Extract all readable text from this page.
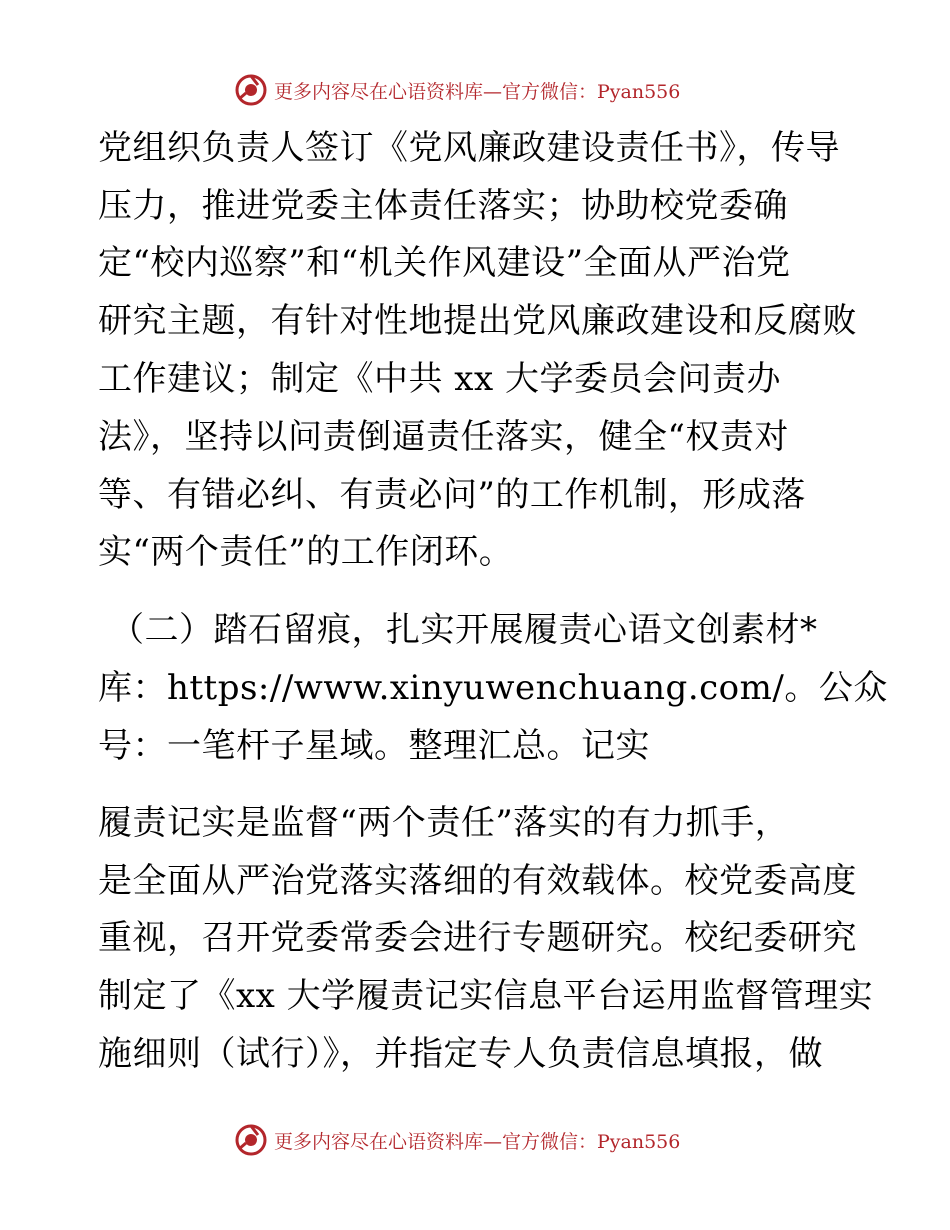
更多内容尽在心语资料库—官方微信：Pyan556
党组织负责人签订《党风廉政建设责任书》，传导
压力，推进党委主体责任落实；协助校党委确
定“校内巡察”和“机关作风建设”全面从严治党
研究主题，有针对性地提出党风廉政建设和反腐败
工作建议；制定《中共 xx 大学委员会问责办
法》，坚持以问责倒逼责任落实，健全“权责对
等、有错必纠、有责必问”的工作机制，形成落
实“两个责任”的工作闭环。
（二）踏石留痕，扎实开展履责心语文创素材*
库：https://www.xinyuwenchuang.com/。公众
号：一笔杆子星域。整理汇总。记实
履责记实是监督“两个责任”落实的有力抓手，
是全面从严治党落实落细的有效载体。校党委高度
重视，召开党委常委会进行专题研究。校纪委研究
制定了《xx 大学履责记实信息平台运用监督管理实
施细则（试行）》，并指定专人负责信息填报，做
更多内容尽在心语资料库—官方微信：Pyan556
